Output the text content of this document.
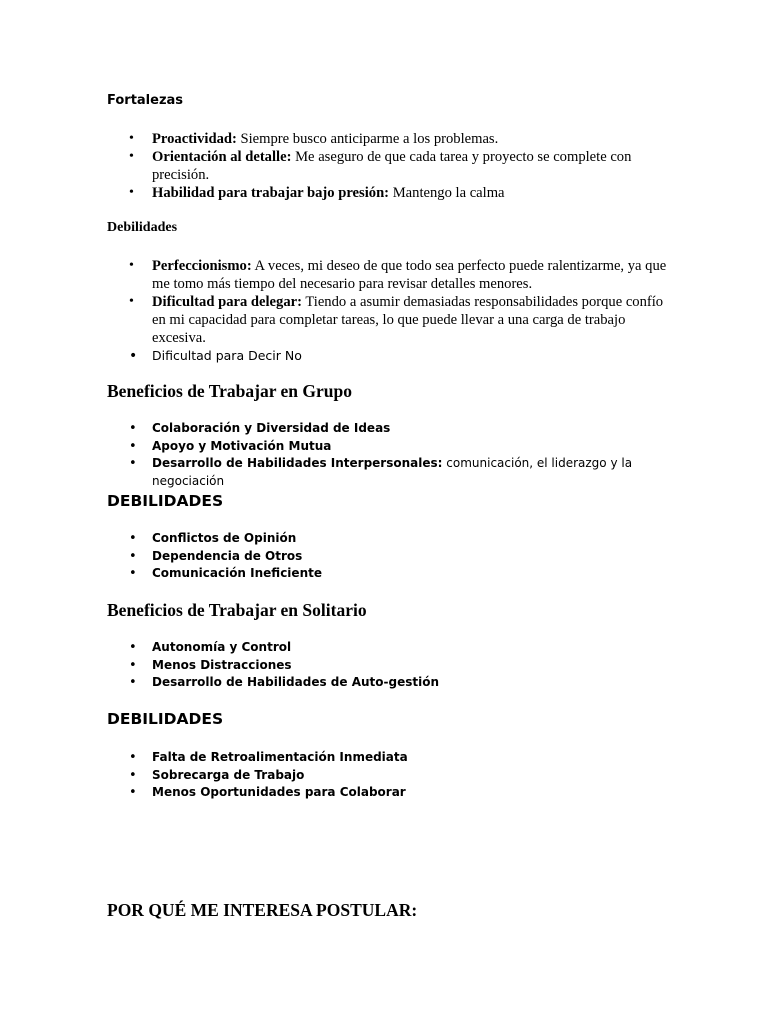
Fortalezas
• Proactividad: Siempre busco anticiparme a los problemas.
• Orientación al detalle: Me aseguro de que cada tarea y proyecto se complete con precisión.
• Habilidad para trabajar bajo presión: Mantengo la calma
Debilidades
• Perfeccionismo: A veces, mi deseo de que todo sea perfecto puede ralentizarme, ya que me tomo más tiempo del necesario para revisar detalles menores.
• Dificultad para delegar: Tiendo a asumir demasiadas responsabilidades porque confío en mi capacidad para completar tareas, lo que puede llevar a una carga de trabajo excesiva.
• Dificultad para Decir No
Beneficios de Trabajar en Grupo
• Colaboración y Diversidad de Ideas
• Apoyo y Motivación Mutua
• Desarrollo de Habilidades Interpersonales: comunicación, el liderazgo y la negociación
DEBILIDADES
• Conflictos de Opinión
• Dependencia de Otros
• Comunicación Ineficiente
Beneficios de Trabajar en Solitario
• Autonomía y Control
• Menos Distracciones
• Desarrollo de Habilidades de Auto-gestión
DEBILIDADES
• Falta de Retroalimentación Inmediata
• Sobrecarga de Trabajo
• Menos Oportunidades para Colaborar
POR QUÉ ME INTERESA POSTULAR:
